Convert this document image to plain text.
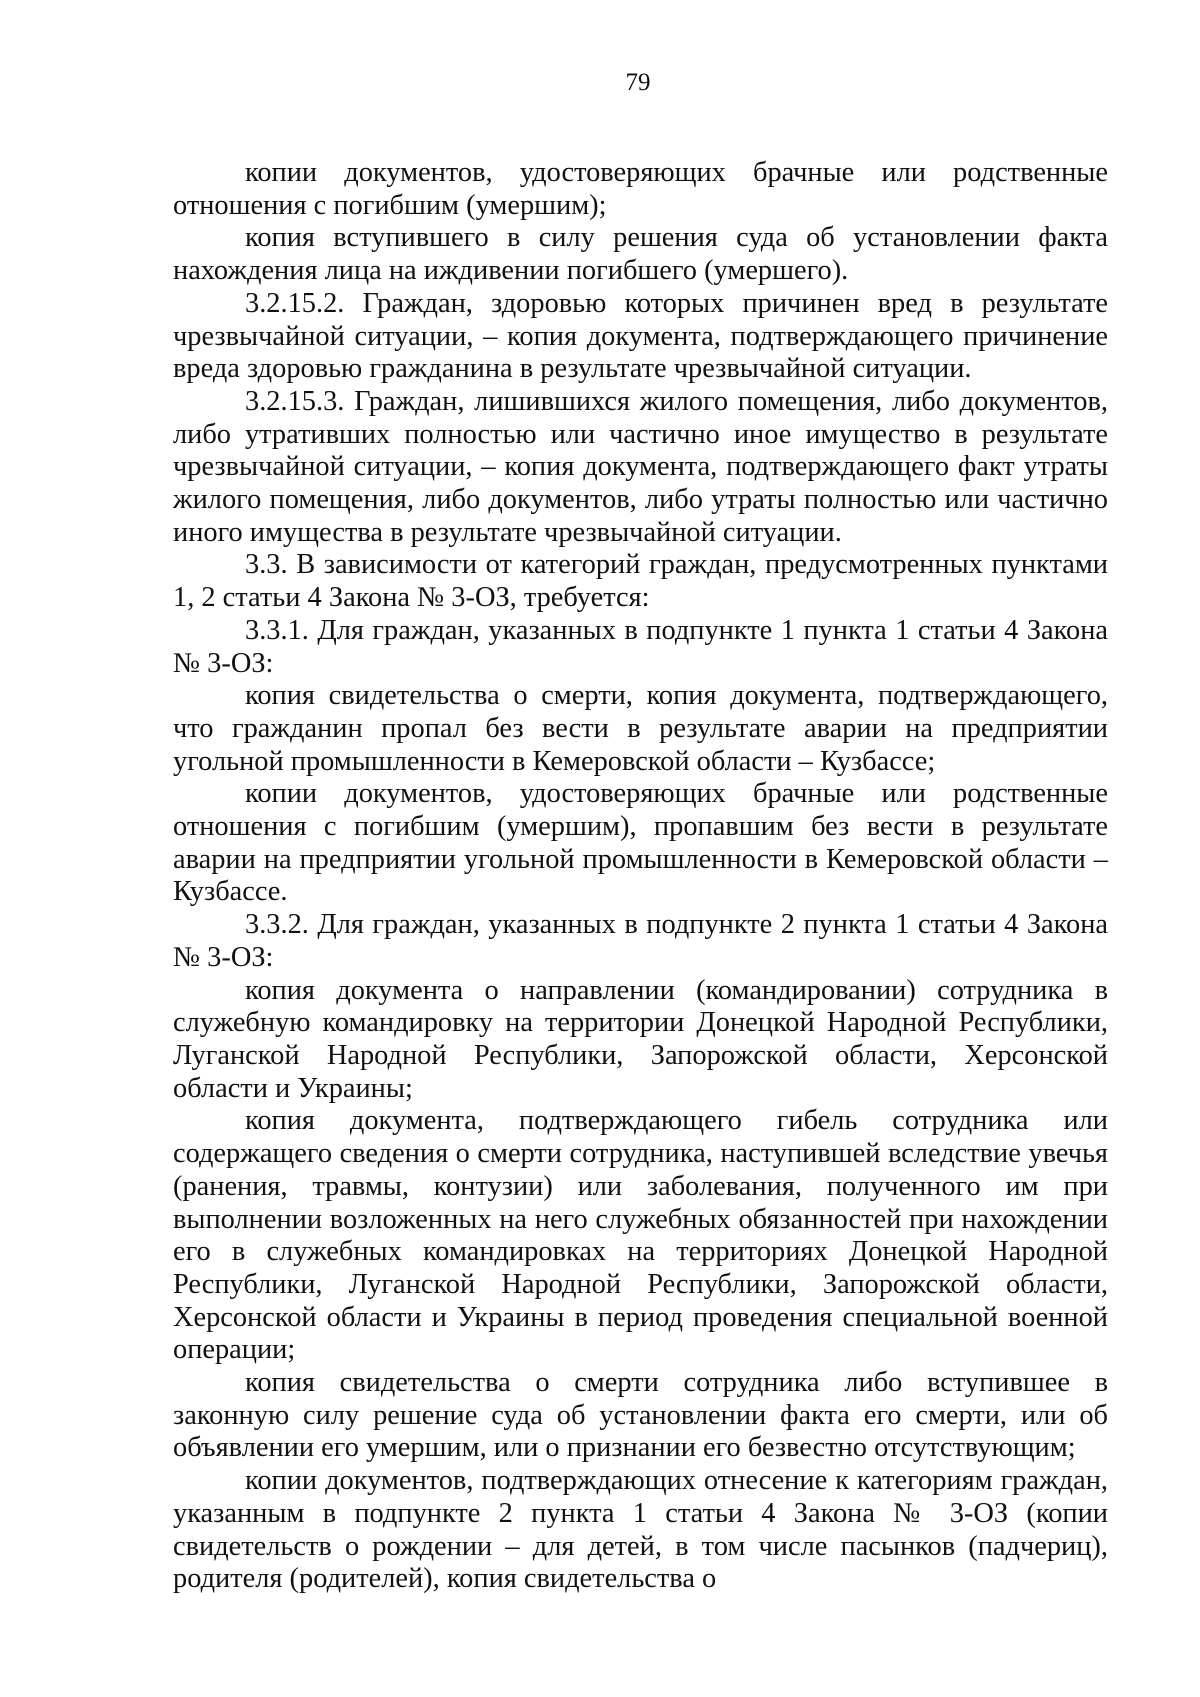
79

копии документов, удостоверяющих брачные или родственные отношения с погибшим (умершим);

копия вступившего в силу решения суда об установлении факта нахождения лица на иждивении погибшего (умершего).

3.2.15.2. Граждан, здоровью которых причинен вред в результате чрезвычайной ситуации, – копия документа, подтверждающего причинение вреда здоровью гражданина в результате чрезвычайной ситуации.

3.2.15.3. Граждан, лишившихся жилого помещения, либо документов, либо утративших полностью или частично иное имущество в результате чрезвычайной ситуации, – копия документа, подтверждающего факт утраты жилого помещения, либо документов, либо утраты полностью или частично иного имущества в результате чрезвычайной ситуации.

3.3. В зависимости от категорий граждан, предусмотренных пунктами 1, 2 статьи 4 Закона № 3-ОЗ, требуется:

3.3.1. Для граждан, указанных в подпункте 1 пункта 1 статьи 4 Закона № 3-ОЗ:

копия свидетельства о смерти, копия документа, подтверждающего, что гражданин пропал без вести в результате аварии на предприятии угольной промышленности в Кемеровской области – Кузбассе;

копии документов, удостоверяющих брачные или родственные отношения с погибшим (умершим), пропавшим без вести в результате аварии на предприятии угольной промышленности в Кемеровской области – Кузбассе.

3.3.2. Для граждан, указанных в подпункте 2 пункта 1 статьи 4 Закона № 3-ОЗ:

копия документа о направлении (командировании) сотрудника в служебную командировку на территории Донецкой Народной Республики, Луганской Народной Республики, Запорожской области, Херсонской области и Украины;

копия документа, подтверждающего гибель сотрудника или содержащего сведения о смерти сотрудника, наступившей вследствие увечья (ранения, травмы, контузии) или заболевания, полученного им при выполнении возложенных на него служебных обязанностей при нахождении его в служебных командировках на территориях Донецкой Народной Республики, Луганской Народной Республики, Запорожской области, Херсонской области и Украины в период проведения специальной военной операции;

копия свидетельства о смерти сотрудника либо вступившее в законную силу решение суда об установлении факта его смерти, или об объявлении его умершим, или о признании его безвестно отсутствующим;

копии документов, подтверждающих отнесение к категориям граждан, указанным в подпункте 2 пункта 1 статьи 4 Закона № 3-ОЗ (копии свидетельств о рождении – для детей, в том числе пасынков (падчериц), родителя (родителей), копия свидетельства о
